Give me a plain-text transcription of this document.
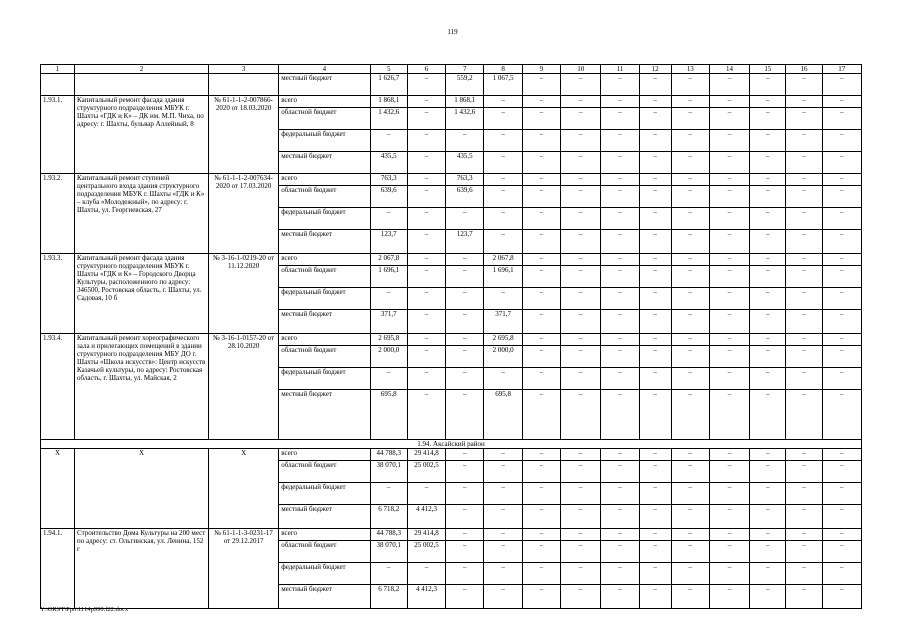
119
1	2	3	4	5	6	7	8	9	10	11	12	13	14	15	16	17
			местный бюджет	1 626,7	–	559,2	1 067,5	–	–	–	–	–	–	–	–	–
1.93.1.	Капитальный ремонт фасада здания структурного подразделения МБУК г. Шахты «ГДК и К» – ДК им. М.П. Чиха, по адресу: г. Шахты, бульвар Аллейный, 8	№ 61-1-1-2-007866-2020 от 18.03.2020	всего	1 868,1	–	1 868,1	–	–	–	–	–	–	–	–	–	–
			областной бюджет	1 432,6	–	1 432,6	–	–	–	–	–	–	–	–	–	–
			федеральный бюджет	–	–	–	–	–	–	–	–	–	–	–	–	–
			местный бюджет	435,5	–	435,5	–	–	–	–	–	–	–	–	–	–
1.93.2.	Капитальный ремонт ступеней центрального входа здания структурного подразделения МБУК г. Шахты «ГДК и К» – клуба «Молодежный», по адресу: г. Шахты, ул. Георгиевская, 27	№ 61-1-1-2-007634-2020 от 17.03.2020	всего	763,3	–	763,3	–	–	–	–	–	–	–	–	–	–
			областной бюджет	639,6	–	639,6	–	–	–	–	–	–	–	–	–	–
			федеральный бюджет	–	–	–	–	–	–	–	–	–	–	–	–	–
			местный бюджет	123,7	–	123,7	–	–	–	–	–	–	–	–	–	–
1.93.3.	Капитальный ремонт фасада здания структурного подразделения МБУК г. Шахты «ГДК и К» – Городского Дворца Культуры, расположенного по адресу: 346500, Ростовская область, г. Шахты, ул. Садовая, 10 б	№ 3-16-1-0219-20 от 11.12.2020	всего	2 067,8	–	–	2 067,8	–	–	–	–	–	–	–	–	–
			областной бюджет	1 696,1	–	–	1 696,1	–	–	–	–	–	–	–	–	–
			федеральный бюджет	–	–	–	–	–	–	–	–	–	–	–	–	–
			местный бюджет	371,7	–	–	371,7	–	–	–	–	–	–	–	–	–
1.93.4.	Капитальный ремонт хореографического зала и прилегающих помещений в здании структурного подразделения МБУ ДО г. Шахты «Школа искусств»: Центр искусств Казачьей культуры, по адресу: Ростовская область, г. Шахты, ул. Майская, 2	№ 3-16-1-0157-20 от 28.10.2020	всего	2 695,8	–	–	2 695,8	–	–	–	–	–	–	–	–	–
			областной бюджет	2 000,0	–	–	2 000,0	–	–	–	–	–	–	–	–	–
			федеральный бюджет	–	–	–	–	–	–	–	–	–	–	–	–	–
			местный бюджет	695,8	–	–	695,8	–	–	–	–	–	–	–	–	–
1.94. Аксайский район																
Х	Х	Х	всего	44 788,3	29 414,8	–	–	–	–	–	–	–	–	–	–	–
			областной бюджет	38 070,1	25 002,5	–	–	–	–	–	–	–	–	–	–	–
			федеральный бюджет	–	–	–	–	–	–	–	–	–	–	–	–	–
			местный бюджет	6 718,2	4 412,3	–	–	–	–	–	–	–	–	–	–	–
1.94.1.	Строительство Дома Культуры на 200 мест по адресу: ст. Ольгинская, ул. Ленина, 152 г	№ 61-1-1-3-0231-17 от 29.12.2017	всего	44 788,3	29 414,8	–	–	–	–	–	–	–	–	–	–	–
			областной бюджет	38 070,1	25 002,5	–	–	–	–	–	–	–	–	–	–	–
			федеральный бюджет	–	–	–	–	–	–	–	–	–	–	–	–	–
			местный бюджет	6 718,2	4 412,3	–	–	–	–	–	–	–	–	–	–	–
Y:\ORST\Ppo\1114p990.f22.docx
